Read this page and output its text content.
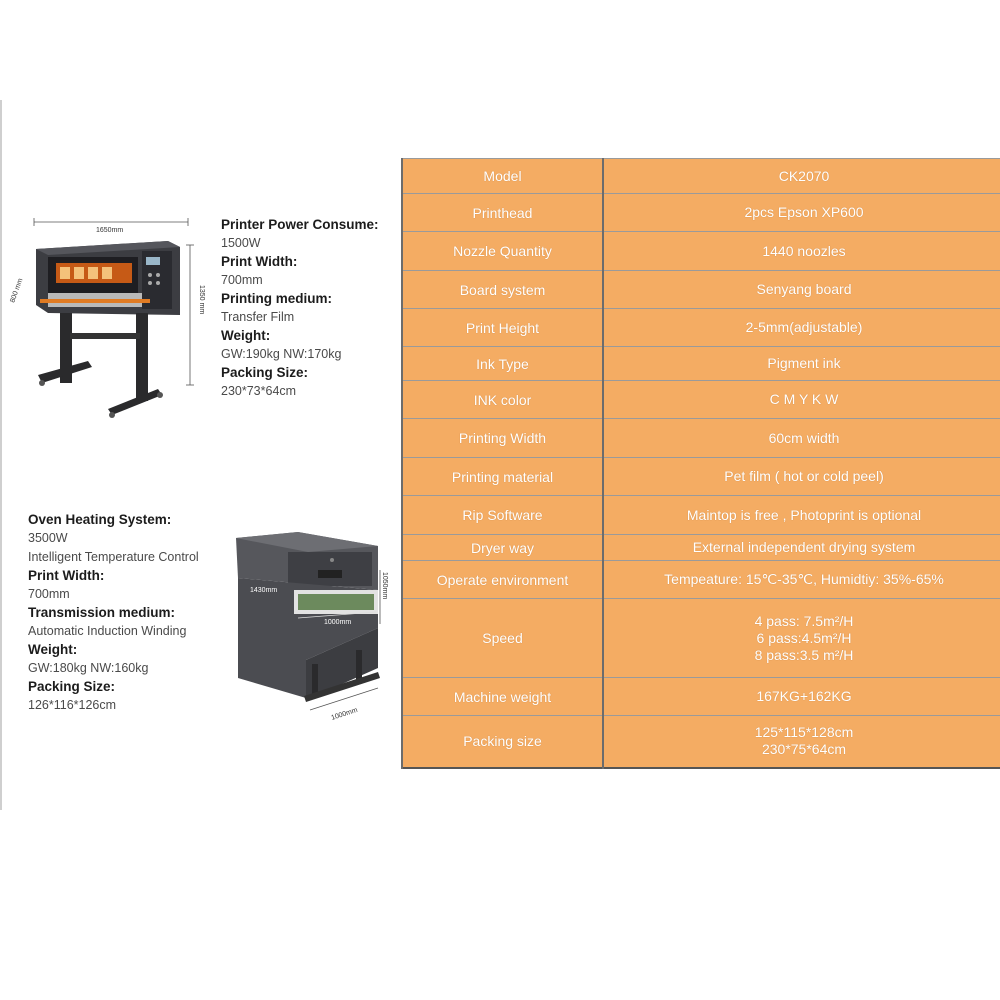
1650mm
1350 mm
800 mm
Printer Power Consume:
1500W
Print Width:
700mm
Printing medium:
Transfer Film
Weight:
GW:190kg NW:170kg
Packing Size:
230*73*64cm
Oven Heating System:
3500W
Intelligent Temperature Control
Print Width:
700mm
Transmission medium:
Automatic Induction Winding
Weight:
GW:180kg NW:160kg
Packing Size:
126*116*126cm
1430mm
1000mm
1050mm
1000mm
Model	CK2070

Printhead	2pcs Epson XP600

Nozzle Quantity	1440 noozles

Board system	Senyang board

Print Height	2-5mm(adjustable)

Ink Type	Pigment ink

INK color	C M Y K W

Printing Width	60cm width

Printing material	Pet film ( hot or cold peel)

Rip Software	Maintop is free , Photoprint is optional

Dryer way	External independent drying system

Operate environment	Tempeature: 15℃-35℃, Humidtiy: 35%-65%

Speed	4 pass: 7.5m²/H
6 pass:4.5m²/H
8 pass:3.5 m²/H

Machine weight	167KG+162KG

Packing size	125*115*128cm
230*75*64cm
